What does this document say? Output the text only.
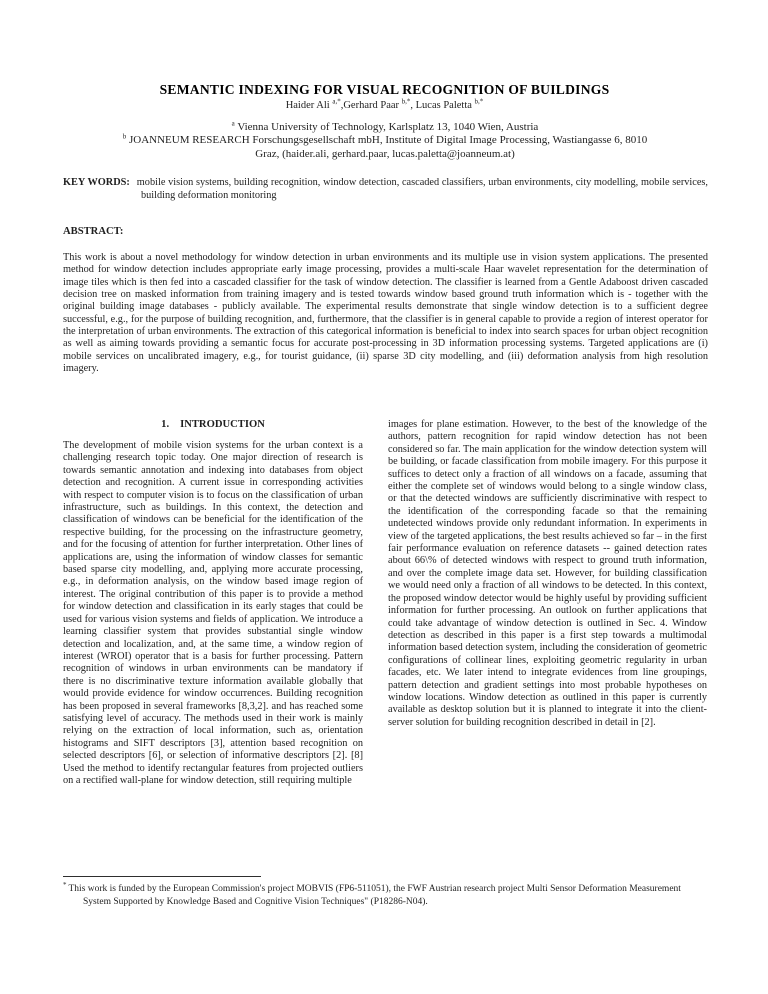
SEMANTIC INDEXING FOR VISUAL RECOGNITION OF BUILDINGS
Haider Ali $^{a,*}$,Gerhard Paar $^{b,*}$, Lucas Paletta $^{b,*}$
$^a$ Vienna University of Technology, Karlsplatz 13, 1040 Wien, Austria
$^b$ JOANNEUM RESEARCH Forschungsgesellschaft mbH, Institute of Digital Image Processing, Wastiangasse 6, 8010
Graz, (haider.ali, gerhard.paar, lucas.paletta@joanneum.at)
KEY WORDS: mobile vision systems, building recognition, window detection, cascaded classifiers, urban environments, city modelling, mobile services, building deformation monitoring
ABSTRACT:

This work is about a novel methodology for window detection in urban environments and its multiple use in vision system applications. The presented method for window detection includes appropriate early image processing, provides a multi-scale Haar wavelet representation for the determination of image tiles which is then fed into a cascaded classifier for the task of window detection. The classifier is learned from a Gentle Adaboost driven cascaded decision tree on masked information from training imagery and is tested towards window based ground truth information which is - together with the original building image databases - publicly available. The experimental results demonstrate that single window detection is to a sufficient degree successful, e.g., for the purpose of building recognition, and, furthermore, that the classifier is in general capable to provide a region of interest operator for the interpretation of urban environments. The extraction of this categorical information is beneficial to index into search spaces for urban object recognition as well as aiming towards providing a semantic focus for accurate post-processing in 3D information processing systems. Targeted applications are (i) mobile services on uncalibrated imagery, e.g., for tourist guidance, (ii) sparse 3D city modelling, and (iii) deformation analysis from high resolution imagery.

1. INTRODUCTION

The development of mobile vision systems for the urban context is a challenging research topic today. One major direction of research is towards semantic annotation and indexing into databases from object detection and recognition. A current issue in corresponding activities with respect to computer vision is to focus on the classification of urban infrastructure, such as buildings. In this context, the detection and classification of windows can be beneficial for the identification of the respective building, for the processing on the infrastructure geometry, and for the focusing of attention for further interpretation. Other lines of applications are, using the information of window classes for semantic based sparse city modelling, and, applying more accurate processing, e.g., in deformation analysis, on the window based image region of interest. The original contribution of this paper is to provide a method for window detection and classification in its early stages that could be used for various vision systems and fields of application. We introduce a learning classifier system that provides substantial single window detection and localization, and, at the same time, a window region of interest (WROI) operator that is a basis for further processing. Pattern recognition of windows in urban environments can be mandatory if there is no discriminative texture information available globally that would provide evidence for window occurrences. Building recognition has been proposed in several frameworks [8,3,2]. and has reached some satisfying level of accuracy. The methods used in their work is mainly relying on the extraction of local information, such as, orientation histograms and SIFT descriptors [3], attention based recognition on selected descriptors [6], or selection of informative descriptors [2]. [8] Used the method to identify rectangular features from projected outliers on a rectified wall-plane for window detection, still requiring multiple

images for plane estimation. However, to the best of the knowledge of the authors, pattern recognition for rapid window detection has not been considered so far. The main application for the window detection system will be building, or facade classification from mobile imagery. For this purpose it suffices to detect only a fraction of all windows on a facade, assuming that either the complete set of windows would belong to a single window class, or that the detected windows are sufficiently discriminative with respect to the identification of the corresponding facade so that the remaining undetected windows provide only redundant information. In experiments in view of the targeted applications, the best results achieved so far – in the first fair performance evaluation on reference datasets -- gained detection rates about 66\% of detected windows with respect to ground truth information, and over the complete image data set. However, for building classification we would need only a fraction of all windows to be detected. In this context, the proposed window detector would be highly useful by providing sufficient information for further processing. An outlook on further applications that could take advantage of window detection is outlined in Sec. 4. Window detection as described in this paper is a first step towards a multimodal information based detection system, including the consideration of geometric configurations of collinear lines, exploiting geometric regularity in urban facades, etc. We later intend to integrate evidences from line groupings, pattern detection and gradient settings into most probable hypotheses on window locations. Window detection as outlined in this paper is currently available as desktop solution but it is planned to integrate it into the client-server solution for building recognition described in detail in [2].

* This work is funded by the European Commission's project MOBVIS (FP6-511051), the FWF Austrian research project Multi Sensor Deformation Measurement System Supported by Knowledge Based and Cognitive Vision Techniques" (P18286-N04).
